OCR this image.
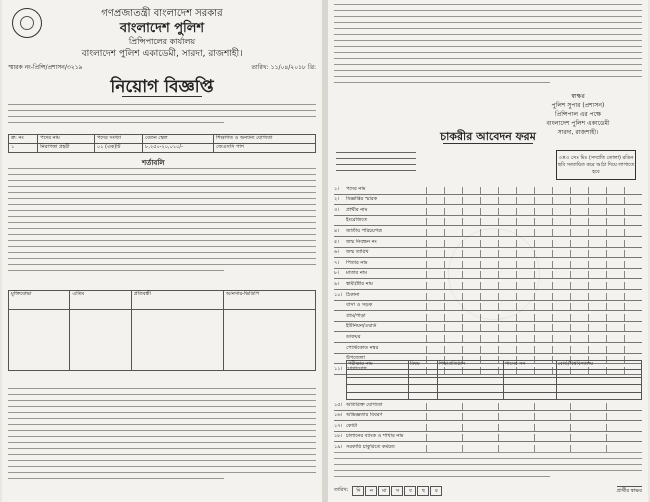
গণপ্রজাতন্ত্রী বাংলাদেশ সরকার
বাংলাদেশ পুলিশ
প্রিন্সিপালের কার্যালয়
বাংলাদেশ পুলিশ একাডেমী, সারদা, রাজশাহী।
স্মারক নং-প্রিন্সি/প্রশাসন/৩২১৯	তারিখ: ১১/০৪/২০১৮ খ্রি:
নিয়োগ বিজ্ঞপ্তি
ক্র: নং	পদের নাম	পদের সংখ্যা	বেতন স্কেল	শিক্ষাগত ও অন্যান্য যোগ্যতা
১	নিরাপত্তা প্রহরী	০১ (এক)টি	৮,২৫০-২০,০১০/-	জেএসসি পাশ
শর্তাবলি
মুক্তিযোদ্ধা	এতিম	প্রতিবন্ধী	আনসার-ভিডিপি

স্বাক্ষর
পুলিশ সুপার (প্রশাসন)
প্রিন্সিপাল এর পক্ষে
বাংলাদেশ পুলিশ একাডেমী
সারদা, রাজশাহী।
চাকরীর আবেদন ফরম
৩×৩ সেঃ মিঃ (সম্প্রতি তোলা) রঙিন ছবি সত্যায়িত করে আঠা দিয়ে লাগাতে হবে
১।	পদের নাম
২।	বিজ্ঞপ্তির স্মারক
৩।	প্রার্থীর নাম
ইংরেজিতে
৪।	জাতীয় পরিচয়পত্র
৫।	জন্ম নিবন্ধন নং
৬।	জন্ম তারিখ
৭।	পিতার নাম
৮।	মাতার নাম
৯।	স্বামী/স্ত্রীর নাম
১০। ঠিকানা
বাসা ও সড়ক
গ্রাম/পাড়া
ইউনিয়ন/ওয়ার্ড
ডাকঘর
পোস্টকোড নম্বর
উপজেলা
১১। যোগাযোগ
পরীক্ষার নাম	বিষয়	শিক্ষাপ্রতিষ্ঠান	পাসের সন	বোর্ড/বিশ্ববিদ্যালয়

১৫। অতিরিক্ত যোগ্যতা
১৬। অভিজ্ঞতার বিবরণ
১৭। কোটা
১৮। চালানের ব্যাংক ও শাখার নাম
১৯। সরকারি চাকুরিতে কর্মরত
তারিখ:	দি	ন	মা	স	ব	ছ	র	প্রার্থীর স্বাক্ষর
